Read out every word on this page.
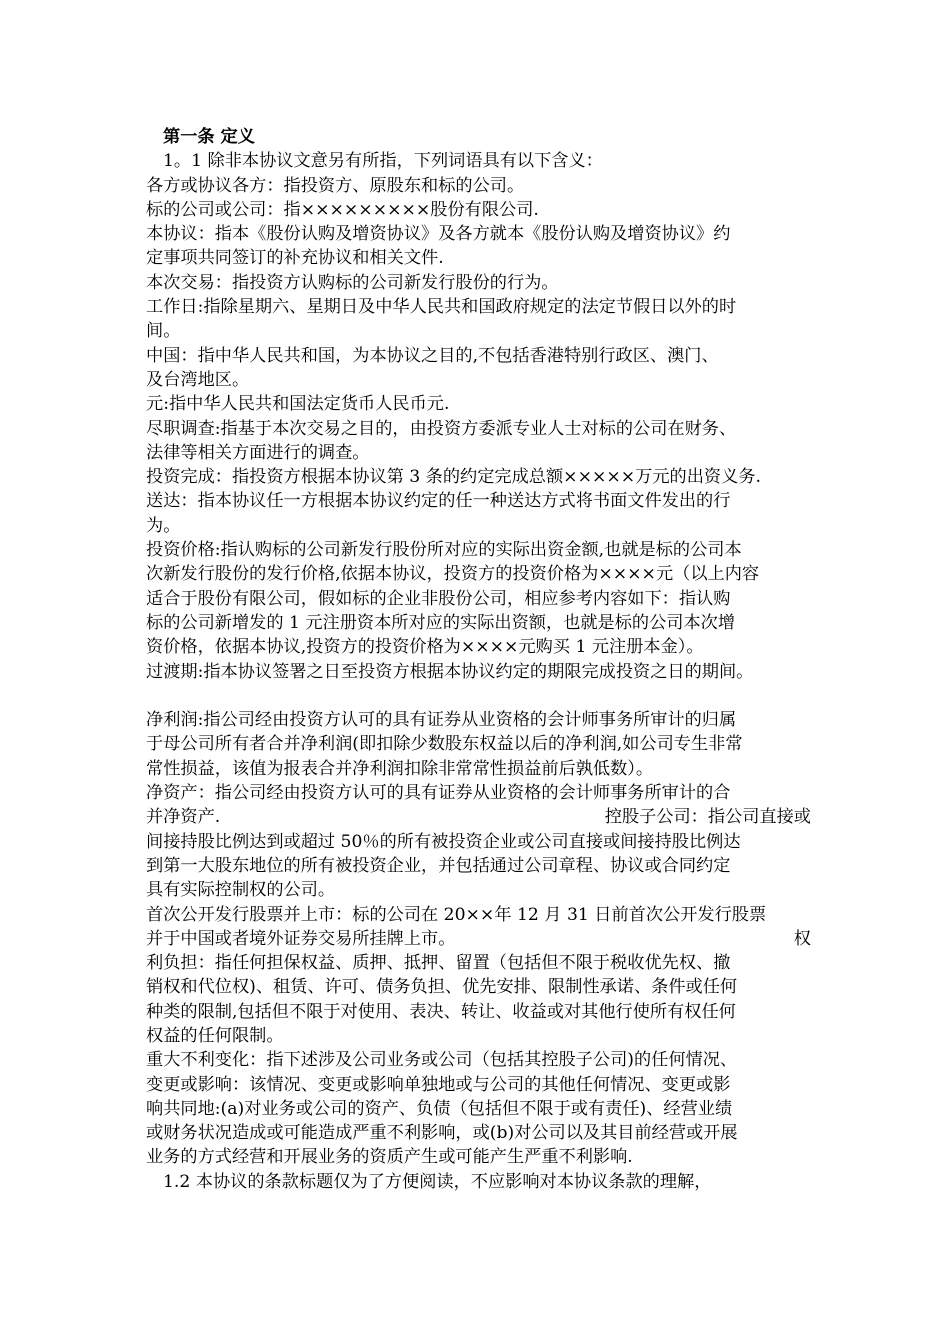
第一条 定义
1。1 除非本协议文意另有所指，下列词语具有以下含义：
各方或协议各方：指投资方、原股东和标的公司。
标的公司或公司：指×××××××××股份有限公司.
本协议：指本《股份认购及增资协议》及各方就本《股份认购及增资协议》约
定事项共同签订的补充协议和相关文件.
本次交易：指投资方认购标的公司新发行股份的行为。
工作日:指除星期六、星期日及中华人民共和国政府规定的法定节假日以外的时
间。
中国：指中华人民共和国，为本协议之目的,不包括香港特别行政区、澳门、
及台湾地区。
元:指中华人民共和国法定货币人民币元.
尽职调查:指基于本次交易之目的，由投资方委派专业人士对标的公司在财务、
法律等相关方面进行的调查。
投资完成：指投资方根据本协议第 3 条的约定完成总额×××××万元的出资义务.
送达：指本协议任一方根据本协议约定的任一种送达方式将书面文件发出的行
为。
投资价格:指认购标的公司新发行股份所对应的实际出资金额,也就是标的公司本
次新发行股份的发行价格,依据本协议，投资方的投资价格为××××元（以上内容
适合于股份有限公司，假如标的企业非股份公司，相应参考内容如下：指认购
标的公司新增发的 1 元注册资本所对应的实际出资额，也就是标的公司本次增
资价格，依据本协议,投资方的投资价格为××××元购买 1 元注册本金）。
过渡期:指本协议签署之日至投资方根据本协议约定的期限完成投资之日的期间。
净利润:指公司经由投资方认可的具有证券从业资格的会计师事务所审计的归属
于母公司所有者合并净利润(即扣除少数股东权益以后的净利润,如公司专生非常
常性损益，该值为报表合并净利润扣除非常常性损益前后孰低数）。
净资产：指公司经由投资方认可的具有证券从业资格的会计师事务所审计的合
并净资产.	控股子公司：指公司直接或
间接持股比例达到或超过 50％的所有被投资企业或公司直接或间接持股比例达
到第一大股东地位的所有被投资企业，并包括通过公司章程、协议或合同约定
具有实际控制权的公司。
首次公开发行股票并上市：标的公司在 20××年 12 月 31 日前首次公开发行股票
并于中国或者境外证券交易所挂牌上市。	权
利负担：指任何担保权益、质押、抵押、留置（包括但不限于税收优先权、撤
销权和代位权)、租赁、许可、债务负担、优先安排、限制性承诺、条件或任何
种类的限制,包括但不限于对使用、表决、转让、收益或对其他行使所有权任何
权益的任何限制。
重大不利变化：指下述涉及公司业务或公司（包括其控股子公司)的任何情况、
变更或影响：该情况、变更或影响单独地或与公司的其他任何情况、变更或影
响共同地:(a)对业务或公司的资产、负债（包括但不限于或有责任)、经营业绩
或财务状况造成或可能造成严重不利影响，或(b)对公司以及其目前经营或开展
业务的方式经营和开展业务的资质产生或可能产生严重不利影响.
1.2 本协议的条款标题仅为了方便阅读，不应影响对本协议条款的理解，
